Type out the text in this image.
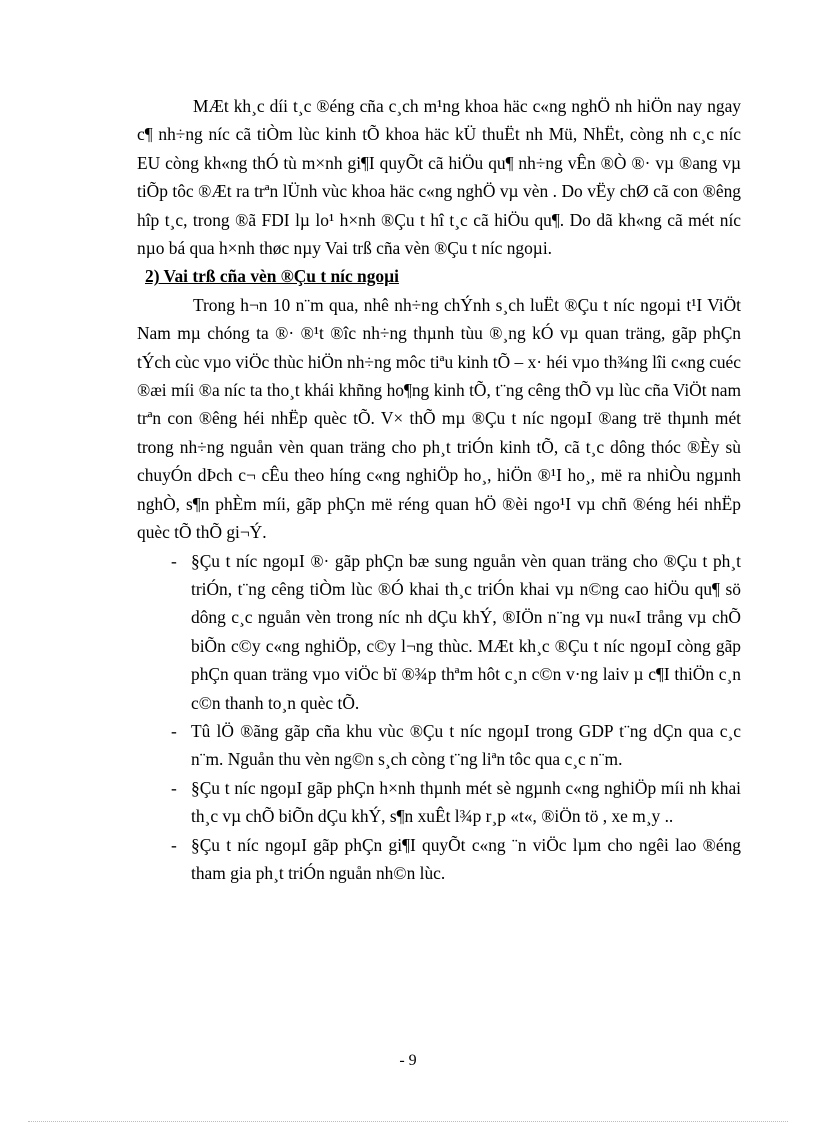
MÆt kh¸c díi t¸c ®éng cña c¸ch m¹ng khoa häc c«ng nghÖ nh hiÖn nay ngay c¶ nh÷ng níc cã tiÒm lùc kinh tÕ khoa häc kÜ thuËt nh Mü, NhËt, còng nh c¸c níc EU còng kh«ng thÓ tù m×nh gi¶I quyÕt cã hiÖu qu¶ nh÷ng vÊn ®Ò ®· vµ ®ang vµ tiÕp tôc ®Æt ra trªn lÜnh vùc khoa häc c«ng nghÖ vµ vèn . Do vËy chØ cã con ®êng hîp t¸c, trong ®ã FDI lµ lo¹ h×nh ®Çu t hî t¸c cã hiÖu qu¶. Do dã kh«ng cã mét níc nµo bá qua h×nh thøc nµy Vai trß cña vèn ®Çu t níc ngoµi.

2) Vai trß cña vèn ®Çu t níc ngoµi

Trong h¬n 10 n¨m qua, nhê nh÷ng chÝnh s¸ch luËt ®Çu t níc ngoµi t¹I ViÖt Nam mµ chóng ta ®· ®¹t ®îc nh÷ng thµnh tùu ®¸ng kÓ vµ quan träng, gãp phÇn tÝch cùc vµo viÖc thùc hiÖn nh÷ng môc tiªu kinh tÕ – x· héi vµo th¾ng lîi c«ng cuéc ®æi míi ®a níc ta tho¸t khái khñng ho¶ng kinh tÕ, t¨ng cêng thÕ vµ lùc cña ViÖt nam trªn con ®êng héi nhËp quèc tÕ. V× thÕ mµ ®Çu t níc ngoµI ®ang trë thµnh mét trong nh÷ng nguån vèn quan träng cho ph¸t triÓn kinh tÕ, cã t¸c dông thóc ®Èy sù chuyÓn dÞch c¬ cÊu theo híng c«ng nghiÖp ho¸, hiÖn ®¹I ho¸, më ra nhiÒu ngµnh nghÒ, s¶n phÈm míi, gãp phÇn më réng quan hÖ ®èi ngo¹I vµ chñ ®éng héi nhËp quèc tÕ thÕ gi¬Ý.

- §Çu t níc ngoµI ®· gãp phÇn bæ sung nguån vèn quan träng cho ®Çu t ph¸t triÓn, t¨ng cêng tiÒm lùc ®Ó khai th¸c triÓn khai vµ n©ng cao hiÖu qu¶ sö dông c¸c nguån vèn trong níc nh dÇu khÝ, ®IÖn n¨ng vµ nu«I trång vµ chÕ biÕn c©y c«ng nghiÖp, c©y l¬ng thùc. MÆt kh¸c ®Çu t níc ngoµI còng gãp phÇn quan träng vµo viÖc bï ®¾p thªm hôt c¸n c©n v·ng laiv µ c¶I thiÖn c¸n c©n thanh to¸n quèc tÕ.
- Tû lÖ ®ãng gãp cña khu vùc ®Çu t níc ngoµI trong GDP t¨ng dÇn qua c¸c n¨m. Nguån thu vèn ng©n s¸ch còng t¨ng liªn tôc qua c¸c n¨m.
- §Çu t níc ngoµI gãp phÇn h×nh thµnh mét sè ngµnh c«ng nghiÖp míi nh khai th¸c vµ chÕ biÕn dÇu khÝ, s¶n xuÊt l¾p r¸p «t«, ®iÖn tö , xe m¸y ..
- §Çu t níc ngoµI gãp phÇn gi¶I quyÕt c«ng ¨n viÖc lµm cho ngêi lao ®éng tham gia ph¸t triÓn nguån nh©n lùc.
- 9
